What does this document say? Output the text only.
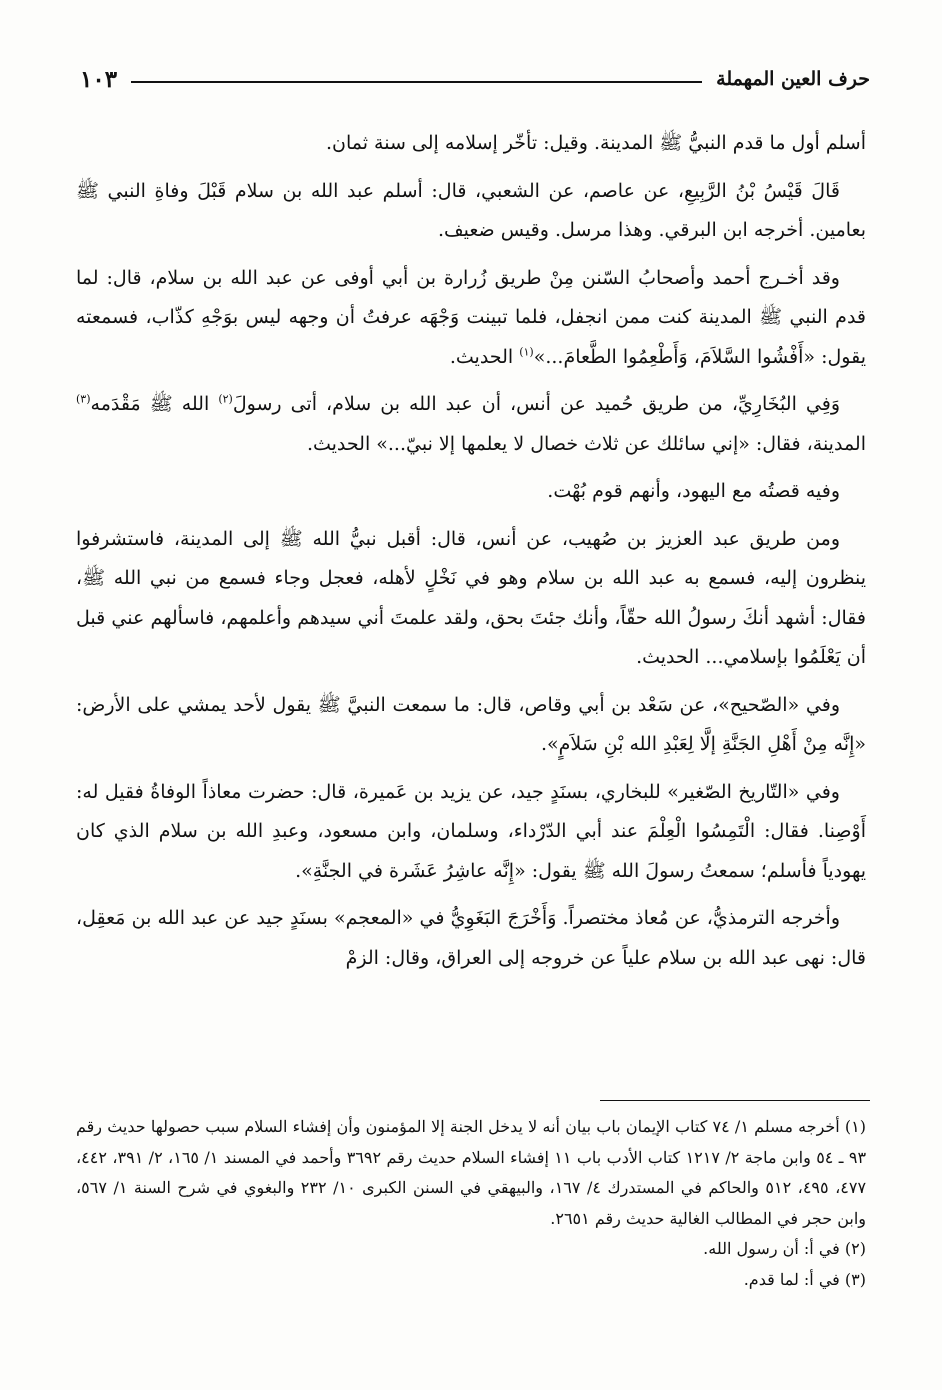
حرف العين المهملة
١٠٣

أسلم أول ما قدم النبيُّ ﷺ المدينة. وقيل: تأخّر إسلامه إلى سنة ثمان.

قَالَ قَيْسُ بْنُ الرَّبِيعِ، عن عاصم، عن الشعبي، قال: أسلم عبد الله بن سلام قَبْلَ وفاةِ النبي ﷺ بعامين. أخرجه ابن البرقي. وهذا مرسل. وقيس ضعيف.

وقد أخـرج أحمد وأصحابُ السّنن مِنْ طريق زُرارة بن أبي أوفى عن عبد الله بن سلام، قال: لما قدم النبي ﷺ المدينة كنت ممن انجفل، فلما تبينت وَجْهَه عرفتُ أن وجهه ليس بوَجْهِ كذّاب، فسمعته يقول: «أَفْشُوا السَّلاَمَ، وَأَطْعِمُوا الطَّعامَ...»$^{(١)}$ الحديث.

وَفِي البُخَارِيِّ، من طريق حُميد عن أنس، أن عبد الله بن سلام، أتى رسولَ$^{(٢)}$ الله ﷺ مَقْدَمه$^{(٣)}$ المدينة، فقال: «إني سائلك عن ثلاث خصال لا يعلمها إلا نبيّ...» الحديث.

وفيه قصتُه مع اليهود، وأنهم قوم بُهْت.

ومن طريق عبد العزيز بن صُهيب، عن أنس، قال: أقبل نبيُّ الله ﷺ إلى المدينة، فاستشرفوا ينظرون إليه، فسمع به عبد الله بن سلام وهو في نَخْلٍ لأهله، فعجل وجاء فسمع من نبي الله ﷺ، فقال: أشهد أنكَ رسولُ الله حقّاً، وأنك جئتَ بحق، ولقد علمتَ أني سيدهم وأعلمهم، فاسألهم عني قبل أن يَعْلَمُوا بإسلامي... الحديث.

وفي «الصّحيح»، عن سَعْد بن أبي وقاص، قال: ما سمعت النبيَّ ﷺ يقول لأحد يمشي على الأرض: «إِنَّه مِنْ أَهْلِ الجَنَّةِ إلَّا لِعَبْدِ الله بْنِ سَلاَمٍ».

وفي «التّاريخ الصّغير» للبخاري، بسنَدٍ جيد، عن يزيد بن عَميرة، قال: حضرت معاذاً الوفاةُ فقيل له: أَوْصِنا. فقال: الْتَمِسُوا الْعِلْمَ عند أبي الدّرْداء، وسلمان، وابن مسعود، وعبدِ الله بن سلام الذي كان يهودياً فأسلم؛ سمعتُ رسولَ الله ﷺ يقول: «إِنَّه عاشِرُ عَشَرة في الجنَّةِ».

وأخرجه الترمذيُّ، عن مُعاذ مختصراً. وَأَخْرَجَ البَغَوِيُّ في «المعجم» بسنَدٍ جيد عن عبد الله بن مَعقِل، قال: نهى عبد الله بن سلام علياً عن خروجه إلى العراق، وقال: الزمْ

(١) أخرجه مسلم ١/ ٧٤ كتاب الإيمان باب بيان أنه لا يدخل الجنة إلا المؤمنون وأن إفشاء السلام سبب حصولها حديث رقم ٩٣ ـ ٥٤ وابن ماجة ٢/ ١٢١٧ كتاب الأدب باب ١١ إفشاء السلام حديث رقم ٣٦٩٢ وأحمد في المسند ١/ ١٦٥، ٢/ ٣٩١، ٤٤٢، ٤٧٧، ٤٩٥، ٥١٢ والحاكم في المستدرك ٤/ ١٦٧، والبيهقي في السنن الكبرى ١٠/ ٢٣٢ والبغوي في شرح السنة ١/ ٥٦٧، وابن حجر في المطالب الغالية حديث رقم ٢٦٥١.

(٢) في أ: أن رسول الله.

(٣) في أ: لما قدم.
